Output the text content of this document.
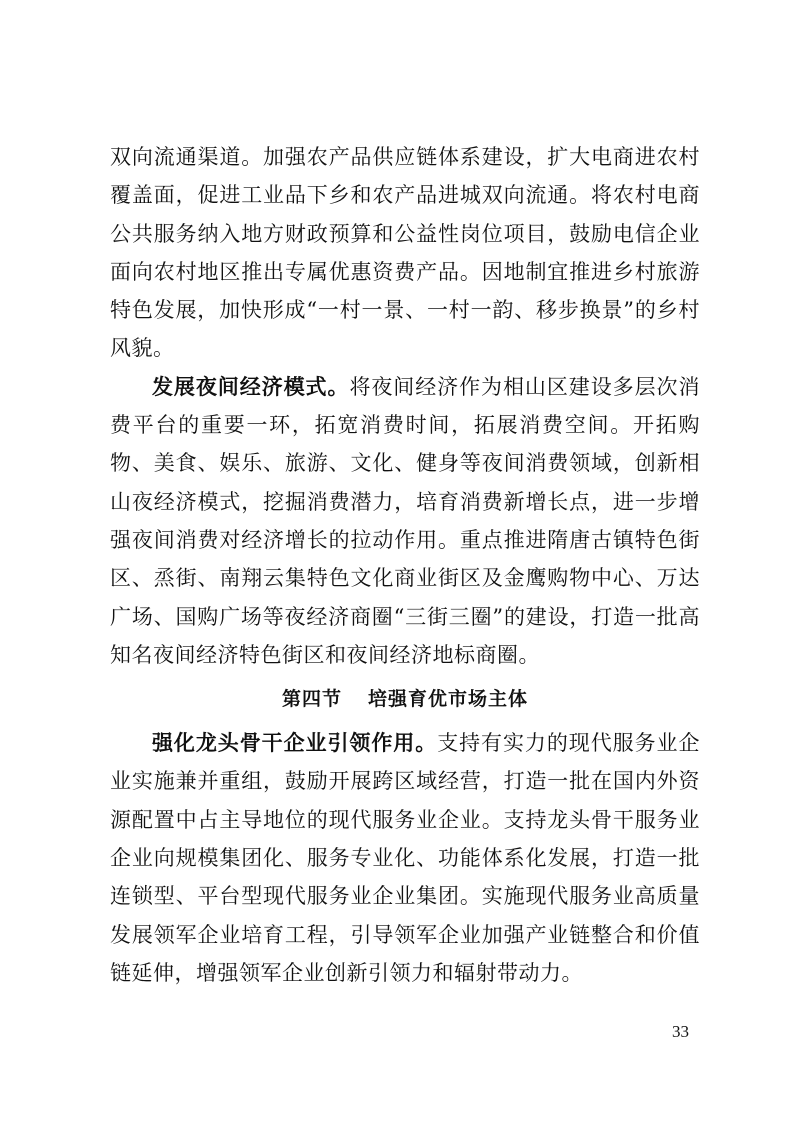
双向流通渠道。加强农产品供应链体系建设，扩大电商进农村覆盖面，促进工业品下乡和农产品进城双向流通。将农村电商公共服务纳入地方财政预算和公益性岗位项目，鼓励电信企业面向农村地区推出专属优惠资费产品。因地制宜推进乡村旅游特色发展，加快形成“一村一景、一村一韵、移步换景”的乡村风貌。

发展夜间经济模式。将夜间经济作为相山区建设多层次消费平台的重要一环，拓宽消费时间，拓展消费空间。开拓购物、美食、娱乐、旅游、文化、健身等夜间消费领域，创新相山夜经济模式，挖掘消费潜力，培育消费新增长点，进一步增强夜间消费对经济增长的拉动作用。重点推进隋唐古镇特色街区、烝街、南翔云集特色文化商业街区及金鹰购物中心、万达广场、国购广场等夜经济商圈“三街三圈”的建设，打造一批高知名夜间经济特色街区和夜间经济地标商圈。

第四节 培强育优市场主体

强化龙头骨干企业引领作用。支持有实力的现代服务业企业实施兼并重组，鼓励开展跨区域经营，打造一批在国内外资源配置中占主导地位的现代服务业企业。支持龙头骨干服务业企业向规模集团化、服务专业化、功能体系化发展，打造一批连锁型、平台型现代服务业企业集团。实施现代服务业高质量发展领军企业培育工程，引导领军企业加强产业链整合和价值链延伸，增强领军企业创新引领力和辐射带动力。

33
